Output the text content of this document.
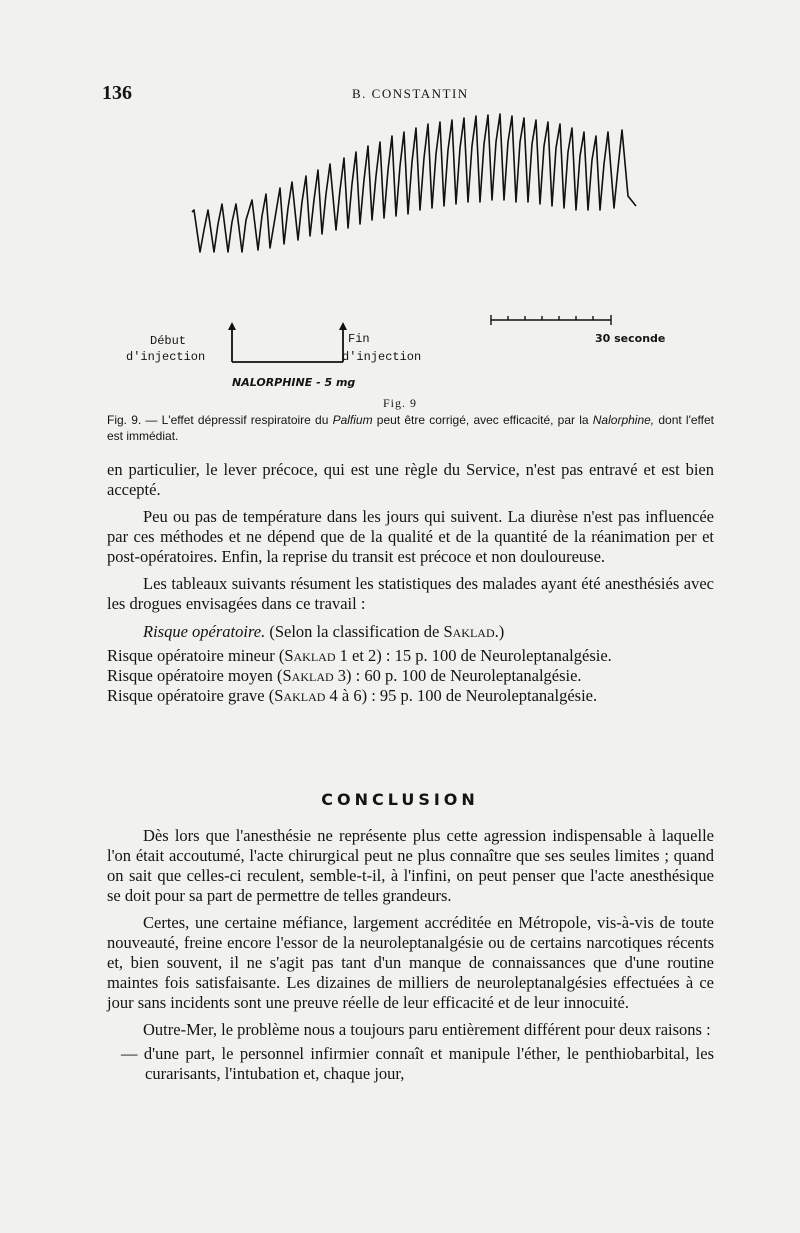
136	B. CONSTANTIN
Début
d'injection
Fin
d'injection
30 seconde
NALORPHINE - 5 mg
Fig. 9
Fig. 9. — L'effet dépressif respiratoire du Palfium peut être corrigé, avec efficacité, par la Nalorphine, dont l'effet est immédiat.

en particulier, le lever précoce, qui est une règle du Service, n'est pas entravé et est bien accepté.

Peu ou pas de température dans les jours qui suivent. La diurèse n'est pas influencée par ces méthodes et ne dépend que de la qualité et de la quantité de la réanimation per et post-opératoires. Enfin, la reprise du transit est précoce et non douloureuse.

Les tableaux suivants résument les statistiques des malades ayant été anesthésiés avec les drogues envisagées dans ce travail :

Risque opératoire. (Selon la classification de Saklad.)

Risque opératoire mineur (Saklad 1 et 2) : 15 p. 100 de Neuroleptanalgésie.

Risque opératoire moyen (Saklad 3) : 60 p. 100 de Neuroleptanalgésie.

Risque opératoire grave (Saklad 4 à 6) : 95 p. 100 de Neuroleptanalgésie.

CONCLUSION

Dès lors que l'anesthésie ne représente plus cette agression indispensable à laquelle l'on était accoutumé, l'acte chirurgical peut ne plus connaître que ses seules limites ; quand on sait que celles-ci reculent, semble-t-il, à l'infini, on peut penser que l'acte anesthésique se doit pour sa part de permettre de telles grandeurs.

Certes, une certaine méfiance, largement accréditée en Métropole, vis-à-vis de toute nouveauté, freine encore l'essor de la neuroleptanalgésie ou de certains narcotiques récents et, bien souvent, il ne s'agit pas tant d'un manque de connaissances que d'une routine maintes fois satisfaisante. Les dizaines de milliers de neuroleptanalgésies effectuées à ce jour sans incidents sont une preuve réelle de leur efficacité et de leur innocuité.

Outre-Mer, le problème nous a toujours paru entièrement différent pour deux raisons :

— d'une part, le personnel infirmier connaît et manipule l'éther, le penthiobarbital, les curarisants, l'intubation et, chaque jour,
